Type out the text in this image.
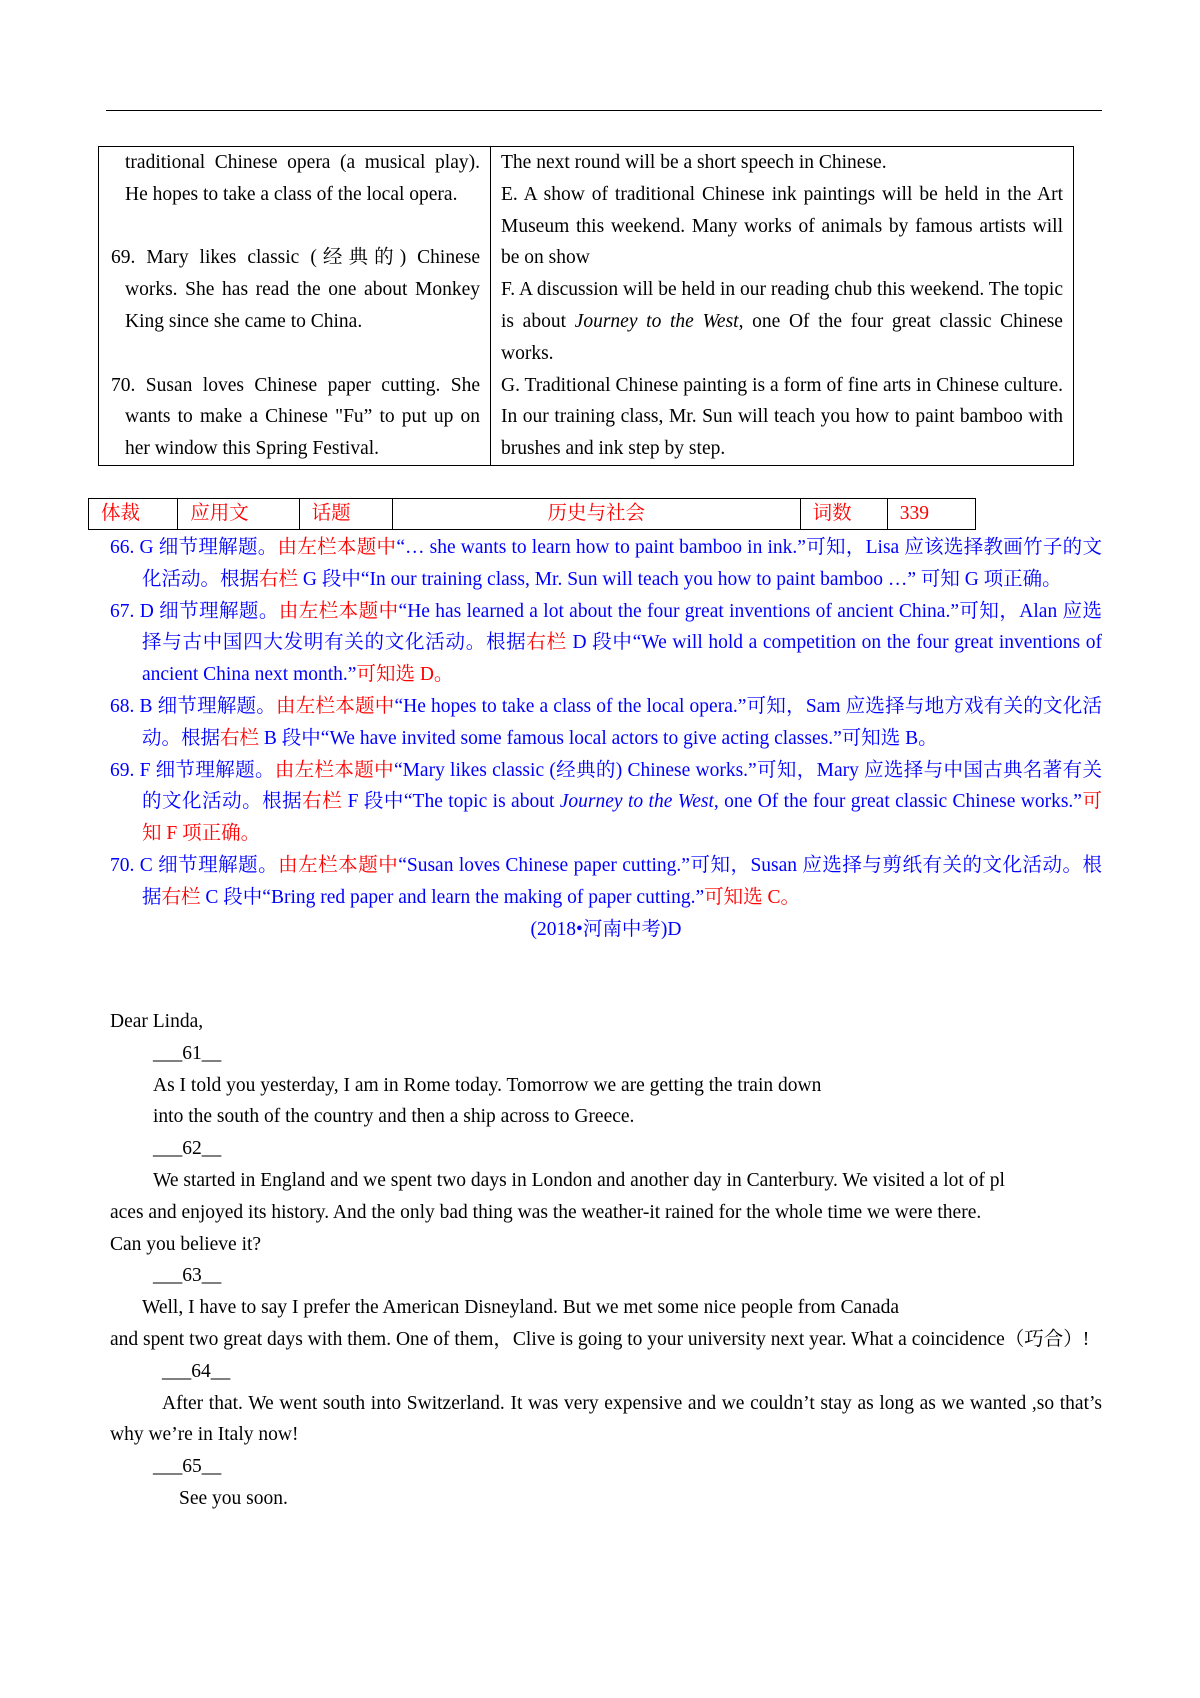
traditional Chinese opera (a musical play). He hopes to take a class of the local opera.
69. Mary likes classic (经典的) Chinese works. She has read the one about Monkey King since she came to China.
70. Susan loves Chinese paper cutting. She wants to make a Chinese "Fu” to put up on her window this Spring Festival.

The next round will be a short speech in Chinese.
E. A show of traditional Chinese ink paintings will be held in the Art Museum this weekend. Many works of animals by famous artists will be on show
F. A discussion will be held in our reading chub this weekend. The topic is about Journey to the West, one Of the four great classic Chinese works.
G. Traditional Chinese painting is a form of fine arts in Chinese culture. In our training class, Mr. Sun will teach you how to paint bamboo with brushes and ink step by step.
体裁	应用文	话题	历史与社会	词数	339
66. G 细节理解题。由左栏本题中“… she wants to learn how to paint bamboo in ink.”可知，Lisa 应该选择教画竹子的文化活动。根据右栏 G 段中“In our training class, Mr. Sun will teach you how to paint bamboo …” 可知 G 项正确。
67. D 细节理解题。由左栏本题中“He has learned a lot about the four great inventions of ancient China.”可知，Alan 应选择与古中国四大发明有关的文化活动。根据右栏 D 段中“We will hold a competition on the four great inventions of ancient China next month.”可知选 D。
68. B 细节理解题。由左栏本题中“He hopes to take a class of the local opera.”可知，Sam 应选择与地方戏有关的文化活动。根据右栏 B 段中“We have invited some famous local actors to give acting classes.”可知选 B。
69. F 细节理解题。由左栏本题中“Mary likes classic (经典的) Chinese works.”可知，Mary 应选择与中国古典名著有关的文化活动。根据右栏 F 段中“The topic is about Journey to the West, one Of the four great classic Chinese works.”可知 F 项正确。
70. C 细节理解题。由左栏本题中“Susan loves Chinese paper cutting.”可知，Susan 应选择与剪纸有关的文化活动。根据右栏 C 段中“Bring red paper and learn the making of paper cutting.”可知选 C。
(2018•河南中考)D

Dear Linda,

___61__

As I told you yesterday, I am in Rome today. Tomorrow we are getting the train down

into the south of the country and then a ship across to Greece.

___62__

We started in England and we spent two days in London and another day in Canterbury. We visited a lot of pl

aces and enjoyed its history. And the only bad thing was the weather-it rained for the whole time we were there.

Can you believe it?

___63__

Well, I have to say I prefer the American Disneyland. But we met some nice people from Canada

and spent two great days with them. One of them，Clive is going to your university next year. What a coincidence（巧合）!

___64__

After that. We went south into Switzerland. It was very expensive and we couldn’t stay as long as we wanted ,so that’s why we’re in Italy now!

___65__

See you soon.
